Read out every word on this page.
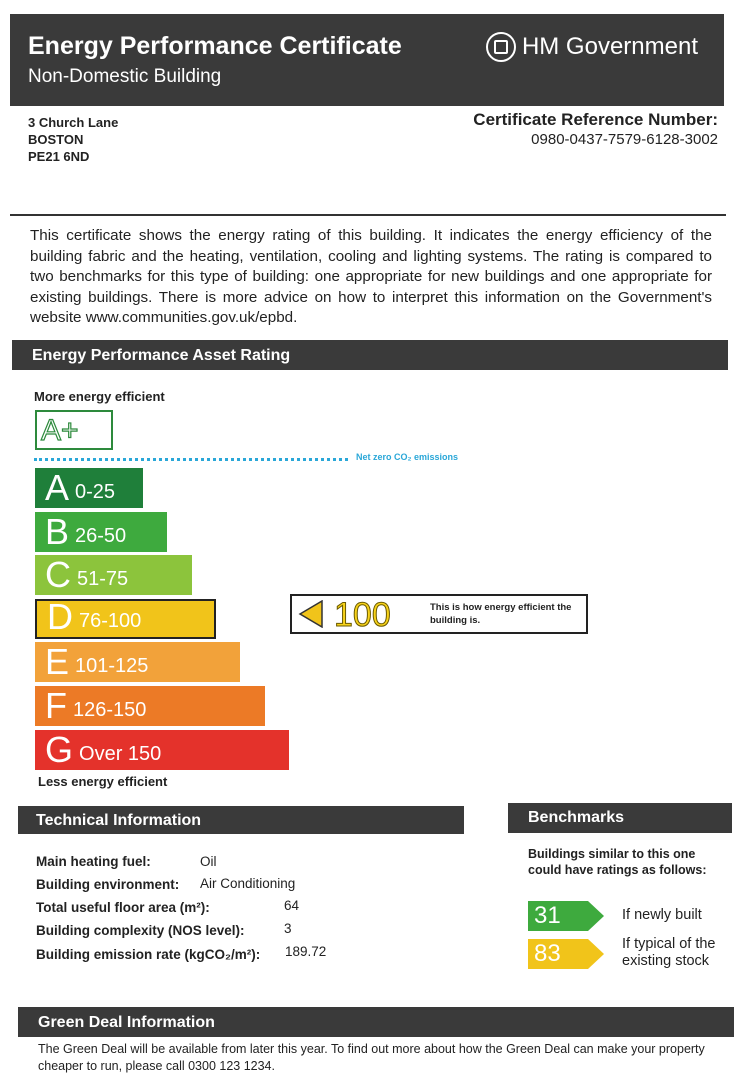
Energy Performance Certificate
Non-Domestic Building
HM Government
3 Church Lane
BOSTON
PE21 6ND
Certificate Reference Number:
0980-0437-7579-6128-3002
This certificate shows the energy rating of this building. It indicates the energy efficiency of the building fabric and the heating, ventilation, cooling and lighting systems. The rating is compared to two benchmarks for this type of building: one appropriate for new buildings and one appropriate for existing buildings. There is more advice on how to interpret this information on the Government's website www.communities.gov.uk/epbd.
Energy Performance Asset Rating
More energy efficient
A+
Net zero CO₂ emissions
A 0-25
B 26-50
C 51-75
D 76-100
E 101-125
F 126-150
G Over 150
100	This is how energy efficient the building is.
Less energy efficient
Technical Information
Main heating fuel:	Oil
Building environment: Air Conditioning
Total useful floor area (m²):	64
Building complexity (NOS level):	3
Building emission rate (kgCO₂/m²): 189.72
Benchmarks
Buildings similar to this one could have ratings as follows:
31	If newly built
83	If typical of the existing stock
Green Deal Information
The Green Deal will be available from later this year. To find out more about how the Green Deal can make your property cheaper to run, please call 0300 123 1234.
